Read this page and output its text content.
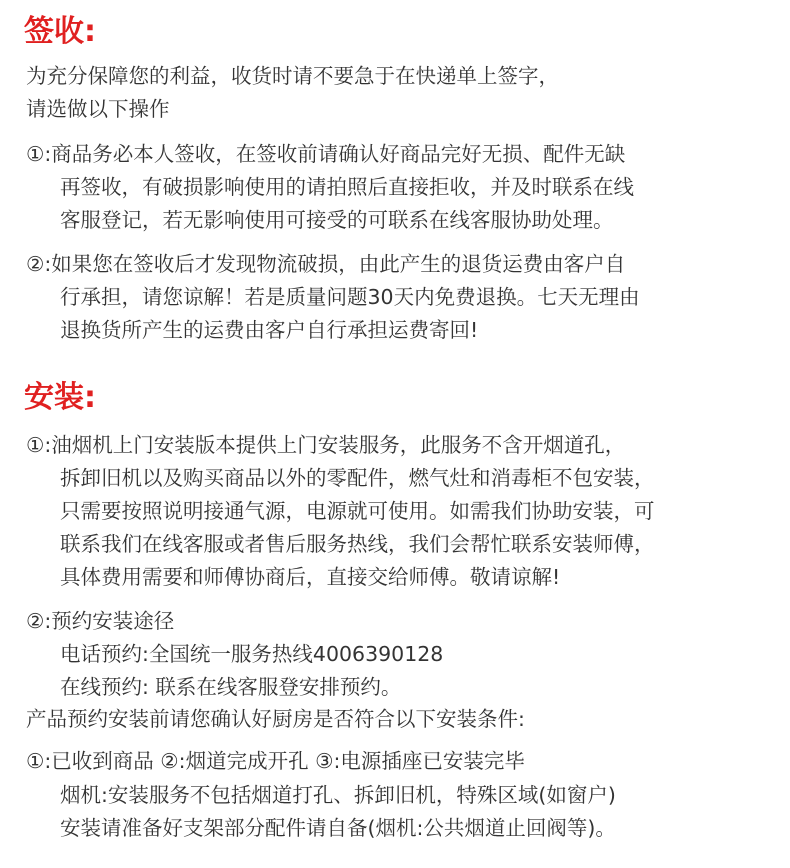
签收:

为充分保障您的利益，收货时请不要急于在快递单上签字，

请选做以下操作

①:商品务必本人签收，在签收前请确认好商品完好无损、配件无缺

再签收，有破损影响使用的请拍照后直接拒收，并及时联系在线

客服登记，若无影响使用可接受的可联系在线客服协助处理。

②:如果您在签收后才发现物流破损，由此产生的退货运费由客户自

行承担，请您谅解！若是质量问题30天内免费退换。七天无理由

退换货所产生的运费由客户自行承担运费寄回!

安装:

①:油烟机上门安装版本提供上门安装服务，此服务不含开烟道孔，

拆卸旧机以及购买商品以外的零配件，燃气灶和消毒柜不包安装，

只需要按照说明接通气源，电源就可使用。如需我们协助安装，可

联系我们在线客服或者售后服务热线，我们会帮忙联系安装师傅，

具体费用需要和师傅协商后，直接交给师傅。敬请谅解!

②:预约安装途径

电话预约:全国统一服务热线4006390128

在线预约: 联系在线客服登安排预约。

产品预约安装前请您确认好厨房是否符合以下安装条件:

①:已收到商品 ②:烟道完成开孔 ③:电源插座已安装完毕

烟机:安装服务不包括烟道打孔、拆卸旧机，特殊区域(如窗户)

安装请准备好支架部分配件请自备(烟机:公共烟道止回阀等)。
